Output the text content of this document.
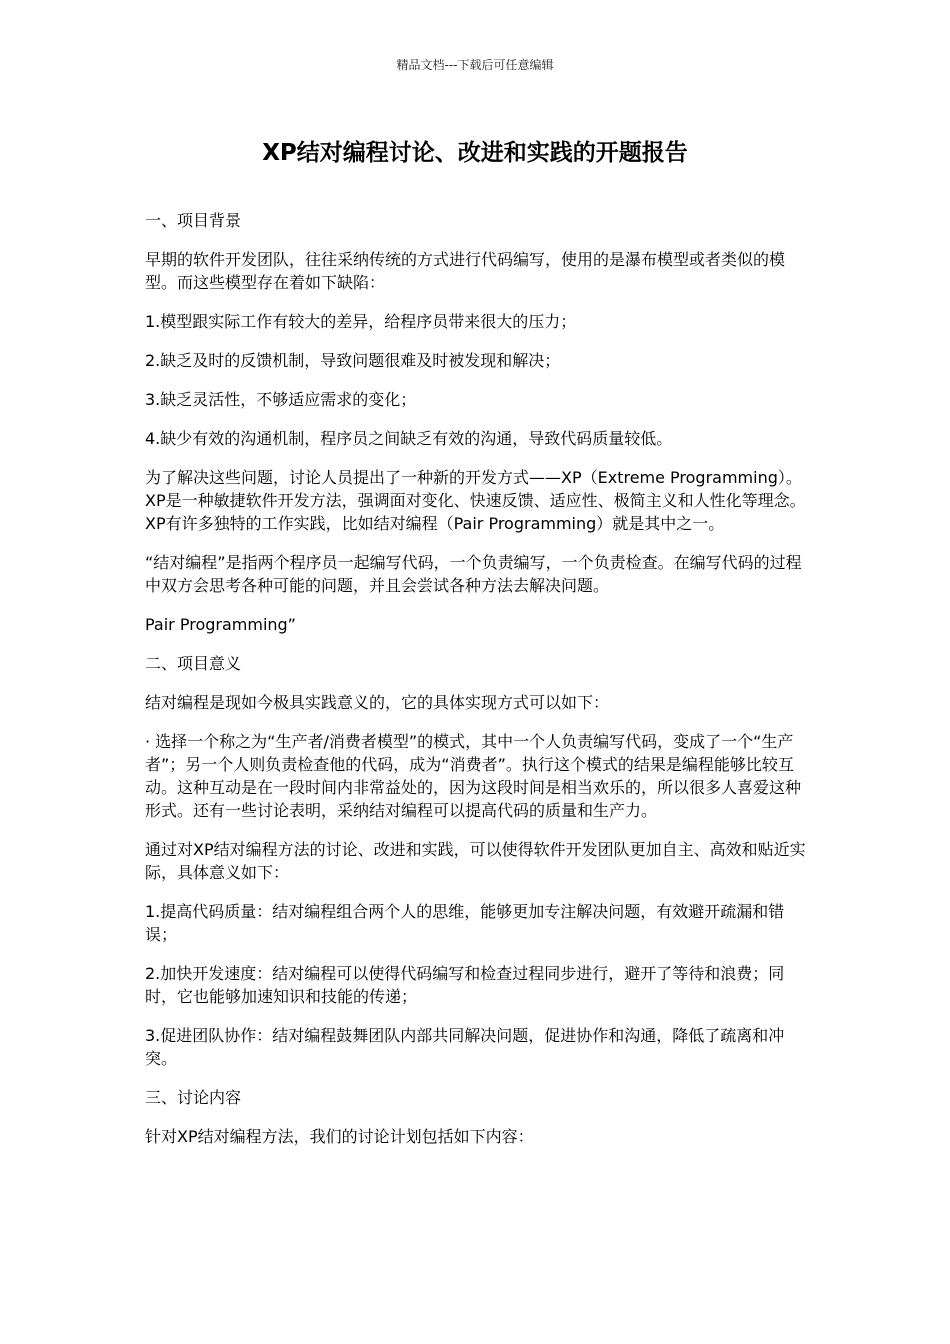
精品文档---下载后可任意编辑
XP结对编程讨论、改进和实践的开题报告

一、项目背景

早期的软件开发团队，往往采纳传统的方式进行代码编写，使用的是瀑布模型或者类似的模型。而这些模型存在着如下缺陷：

1.模型跟实际工作有较大的差异，给程序员带来很大的压力；

2.缺乏及时的反馈机制，导致问题很难及时被发现和解决；

3.缺乏灵活性，不够适应需求的变化；

4.缺少有效的沟通机制，程序员之间缺乏有效的沟通，导致代码质量较低。

为了解决这些问题，讨论人员提出了一种新的开发方式——XP（Extreme Programming）。XP是一种敏捷软件开发方法，强调面对变化、快速反馈、适应性、极简主义和人性化等理念。XP有许多独特的工作实践，比如结对编程（Pair Programming）就是其中之一。

“结对编程”是指两个程序员一起编写代码，一个负责编写，一个负责检查。在编写代码的过程中双方会思考各种可能的问题，并且会尝试各种方法去解决问题。

Pair Programming”

二、项目意义

结对编程是现如今极具实践意义的，它的具体实现方式可以如下：

· 选择一个称之为“生产者/消费者模型”的模式，其中一个人负责编写代码，变成了一个“生产者”；另一个人则负责检查他的代码，成为“消费者”。执行这个模式的结果是编程能够比较互动。这种互动是在一段时间内非常益处的，因为这段时间是相当欢乐的，所以很多人喜爱这种形式。还有一些讨论表明，采纳结对编程可以提高代码的质量和生产力。

通过对XP结对编程方法的讨论、改进和实践，可以使得软件开发团队更加自主、高效和贴近实际，具体意义如下：

1.提高代码质量：结对编程组合两个人的思维，能够更加专注解决问题，有效避开疏漏和错误；

2.加快开发速度：结对编程可以使得代码编写和检查过程同步进行，避开了等待和浪费；同时，它也能够加速知识和技能的传递；

3.促进团队协作：结对编程鼓舞团队内部共同解决问题，促进协作和沟通，降低了疏离和冲突。

三、讨论内容

针对XP结对编程方法，我们的讨论计划包括如下内容：
